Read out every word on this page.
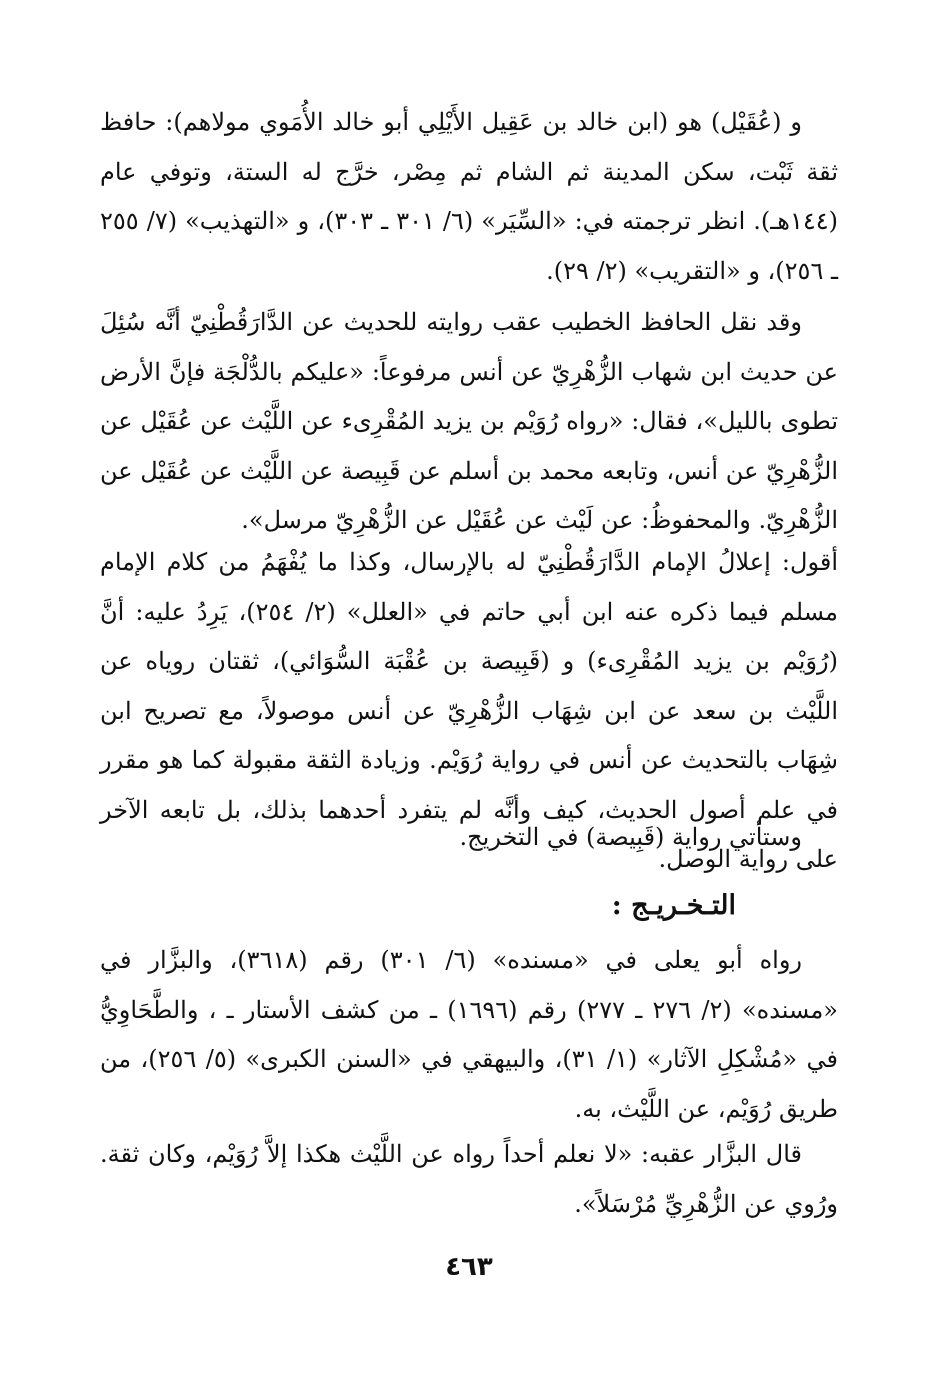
و (عُقَيْل) هو (ابن خالد بن عَقِيل الأَيْلِي أبو خالد الأُمَوي مولاهم): حافظ ثقة ثَبْت، سكن المدينة ثم الشام ثم مِصْر، خرَّج له الستة، وتوفي عام (١٤٤هـ). انظر ترجمته في: «السِّيَر» (٦/ ٣٠١ ـ ٣٠٣)، و «التهذيب» (٧/ ٢٥٥ ـ ٢٥٦)، و «التقريب» (٢/ ٢٩).

وقد نقل الحافظ الخطيب عقب روايته للحديث عن الدَّارَقُطْنِيّ أنَّه سُئِلَ عن حديث ابن شهاب الزُّهْرِيّ عن أنس مرفوعاً: «عليكم بالدُّلْجَة فإنَّ الأرض تطوى بالليل»، فقال: «رواه رُوَيْم بن يزيد المُقْرِىء عن اللَّيْث عن عُقَيْل عن الزُّهْرِيّ عن أنس، وتابعه محمد بن أسلم عن قَبِيصة عن اللَّيْث عن عُقَيْل عن الزُّهْرِيّ. والمحفوظُ: عن لَيْث عن عُقَيْل عن الزُّهْرِيّ مرسل».

أقول: إعلالُ الإمام الدَّارَقُطْنِيّ له بالإرسال، وكذا ما يُفْهَمُ من كلام الإمام مسلم فيما ذكره عنه ابن أبي حاتم في «العلل» (٢/ ٢٥٤)، يَرِدُ عليه: أنَّ (رُوَيْم بن يزيد المُقْرِىء) و (قَبِيصة بن عُقْبَة السُّوَائي)، ثقتان روياه عن اللَّيْث بن سعد عن ابن شِهَاب الزُّهْرِيّ عن أنس موصولاً، مع تصريح ابن شِهَاب بالتحديث عن أنس في رواية رُوَيْم. وزيادة الثقة مقبولة كما هو مقرر في علم أصول الحديث، كيف وأنَّه لم يتفرد أحدهما بذلك، بل تابعه الآخر على رواية الوصل.

وستأتي رواية (قَبِيصة) في التخريج.

التـخـريـج :

رواه أبو يعلى في «مسنده» (٦/ ٣٠١) رقم (٣٦١٨)، والبزَّار في «مسنده» (٢/ ٢٧٦ ـ ٢٧٧) رقم (١٦٩٦) ـ من كشف الأستار ـ ، والطَّحَاوِيُّ في «مُشْكِلِ الآثار» (١/ ٣١)، والبيهقي في «السنن الكبرى» (٥/ ٢٥٦)، من طريق رُوَيْم، عن اللَّيْث، به.

قال البزَّار عقبه: «لا نعلم أحداً رواه عن اللَّيْث هكذا إلاَّ رُوَيْم، وكان ثقة. ورُوي عن الزُّهْرِيِّ مُرْسَلاً».

٤٦٣
